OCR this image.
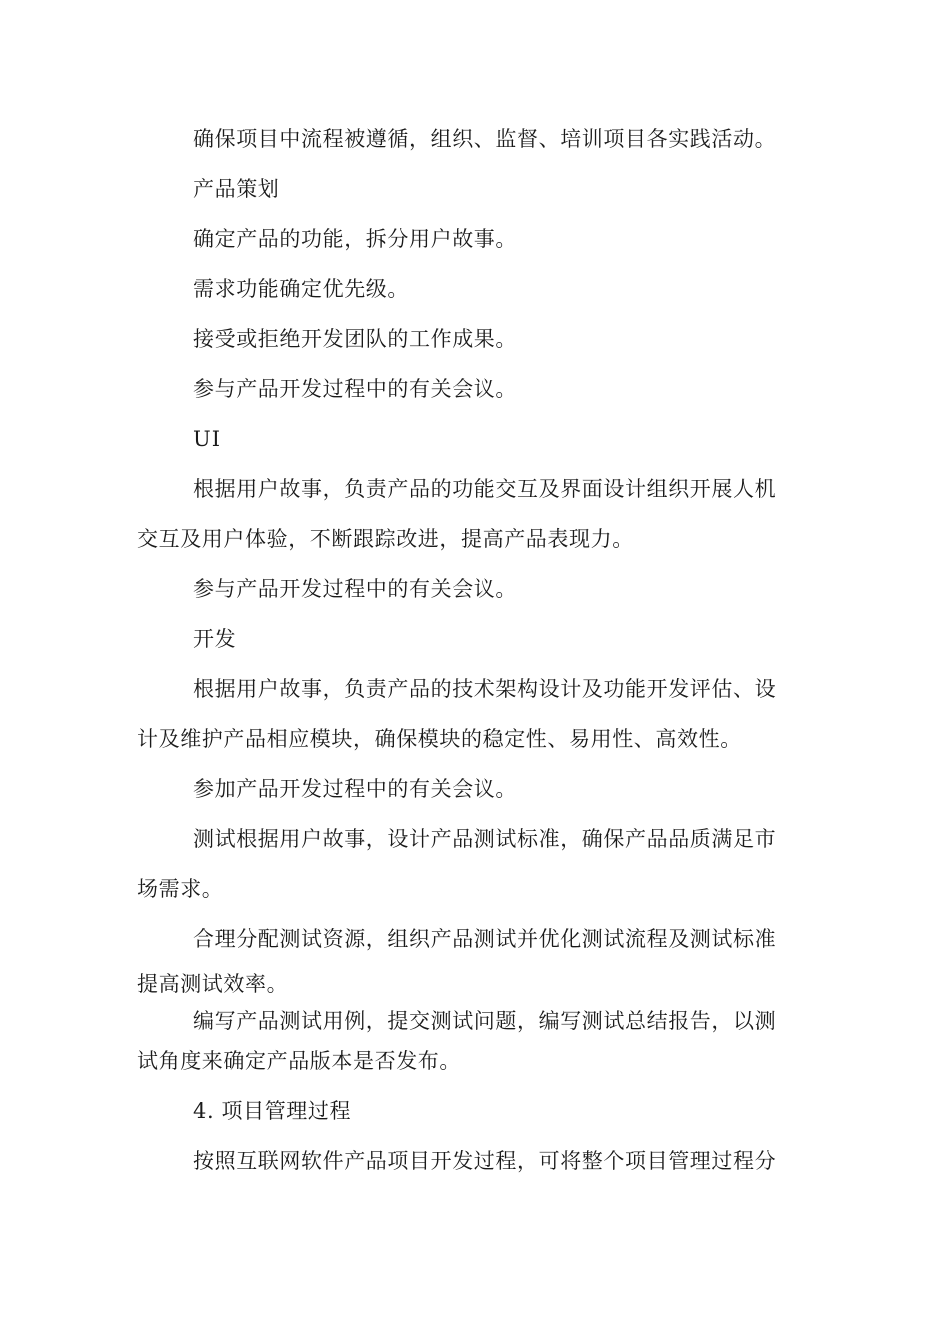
确保项目中流程被遵循，组织、监督、培训项目各实践活动。
产品策划
确定产品的功能，拆分用户故事。
需求功能确定优先级。
接受或拒绝开发团队的工作成果。
参与产品开发过程中的有关会议。
UI
根据用户故事，负责产品的功能交互及界面设计组织开展人机
交互及用户体验，不断跟踪改进，提高产品表现力。
参与产品开发过程中的有关会议。
开发
根据用户故事，负责产品的技术架构设计及功能开发评估、设
计及维护产品相应模块，确保模块的稳定性、易用性、高效性。
参加产品开发过程中的有关会议。
测试根据用户故事，设计产品测试标准，确保产品品质满足市
场需求。
合理分配测试资源，组织产品测试并优化测试流程及测试标准
提高测试效率。
编写产品测试用例，提交测试问题，编写测试总结报告，以测
试角度来确定产品版本是否发布。
4. 项目管理过程
按照互联网软件产品项目开发过程，可将整个项目管理过程分
